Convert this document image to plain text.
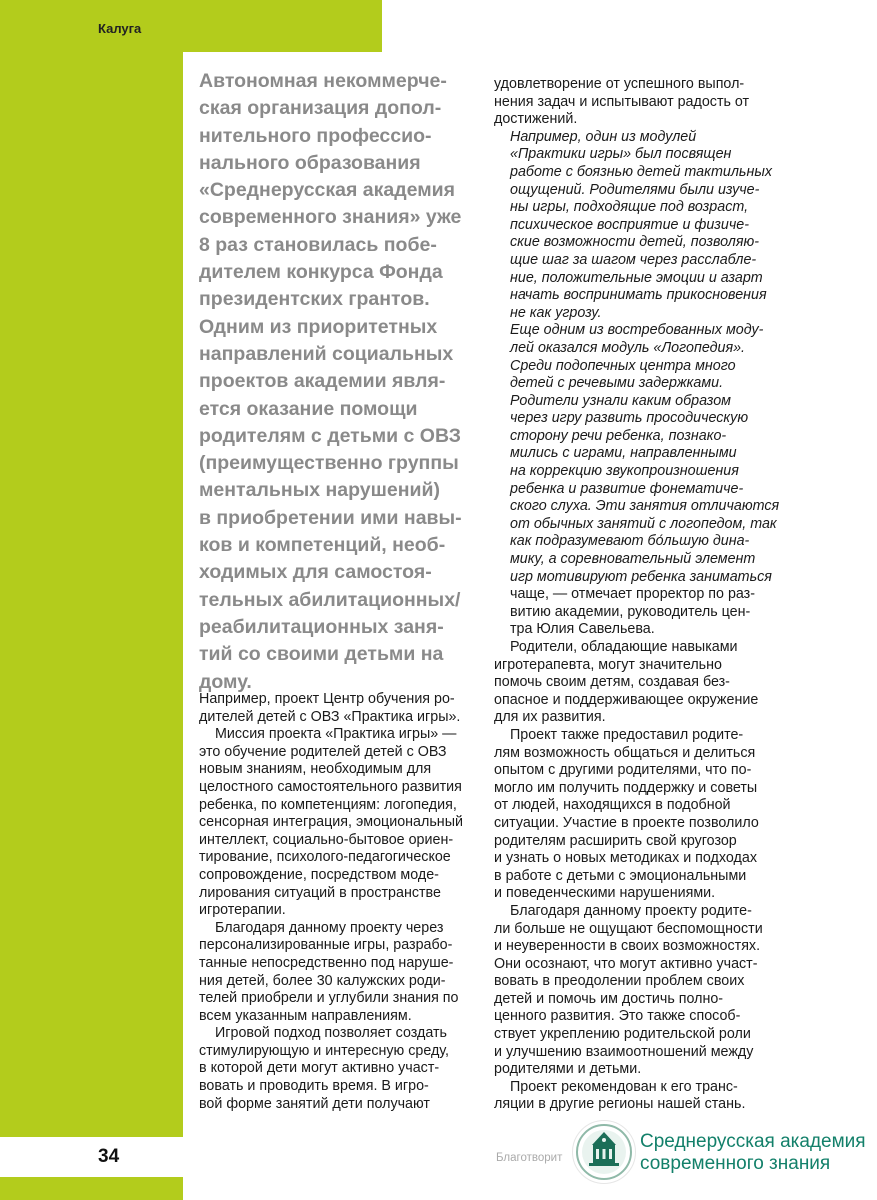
Калуга
34
Автономная некоммерче-
ская организация допол-
нительного профессио-
нального образования
«Среднерусская академия
современного знания» уже
8 раз становилась побе-
дителем конкурса Фонда
президентских грантов.
Одним из приоритетных
направлений социальных
проектов академии явля-
ется оказание помощи
родителям с детьми с ОВЗ
(преимущественно группы
ментальных нарушений)
в приобретении ими навы-
ков и компетенций, необ-
ходимых для самостоя-
тельных абилитационных/
реабилитационных заня-
тий со своими детьми на
дому.
Например, проект Центр обучения ро-
дителей детей с ОВЗ «Практика игры».
Миссия проекта «Практика игры» —
это обучение родителей детей с ОВЗ
новым знаниям, необходимым для
целостного самостоятельного развития
ребенка, по компетенциям: логопедия,
сенсорная интеграция, эмоциональный
интеллект, социально-бытовое ориен-
тирование, психолого-педагогическое
сопровождение, посредством моде-
лирования ситуаций в пространстве
игротерапии.
Благодаря данному проекту через
персонализированные игры, разрабо-
танные непосредственно под наруше-
ния детей, более 30 калужских роди-
телей приобрели и углубили знания по
всем указанным направлениям.
Игровой подход позволяет создать
стимулирующую и интересную среду,
в которой дети могут активно участ-
вовать и проводить время. В игро-
вой форме занятий дети получают
удовлетворение от успешного выпол-
нения задач и испытывают радость от
достижений.
Например, один из модулей
«Практики игры» был посвящен
работе с боязнью детей тактильных
ощущений. Родителями были изуче-
ны игры, подходящие под возраст,
психическое восприятие и физиче-
ские возможности детей, позволяю-
щие шаг за шагом через расслабле-
ние, положительные эмоции и азарт
начать воспринимать прикосновения
не как угрозу.
Еще одним из востребованных моду-
лей оказался модуль «Логопедия».
Среди подопечных центра много
детей с речевыми задержками.
Родители узнали каким образом
через игру развить просодическую
сторону речи ребенка, познако-
мились с играми, направленными
на коррекцию звукопроизношения
ребенка и развитие фонематиче-
ского слуха. Эти занятия отличаются
от обычных занятий с логопедом, так
как подразумевают бо́льшую дина-
мику, а соревновательный элемент
игр мотивируют ребенка заниматься
чаще, — отмечает проректор по раз-
витию академии, руководитель цен-
тра Юлия Савельева.
Родители, обладающие навыками
игротерапевта, могут значительно
помочь своим детям, создавая без-
опасное и поддерживающее окружение
для их развития.
Проект также предоставил родите-
лям возможность общаться и делиться
опытом с другими родителями, что по-
могло им получить поддержку и советы
от людей, находящихся в подобной
ситуации. Участие в проекте позволило
родителям расширить свой кругозор
и узнать о новых методиках и подходах
в работе с детьми с эмоциональными
и поведенческими нарушениями.
Благодаря данному проекту родите-
ли больше не ощущают беспомощности
и неуверенности в своих возможностях.
Они осознают, что могут активно участ-
вовать в преодолении проблем своих
детей и помочь им достичь полно-
ценного развития. Это также способ-
ствует укреплению родительской роли
и улучшению взаимоотношений между
родителями и детьми.
Проект рекомендован к его транс-
ляции в другие регионы нашей стань.
Благотворит
Среднерусская академия
современного знания
